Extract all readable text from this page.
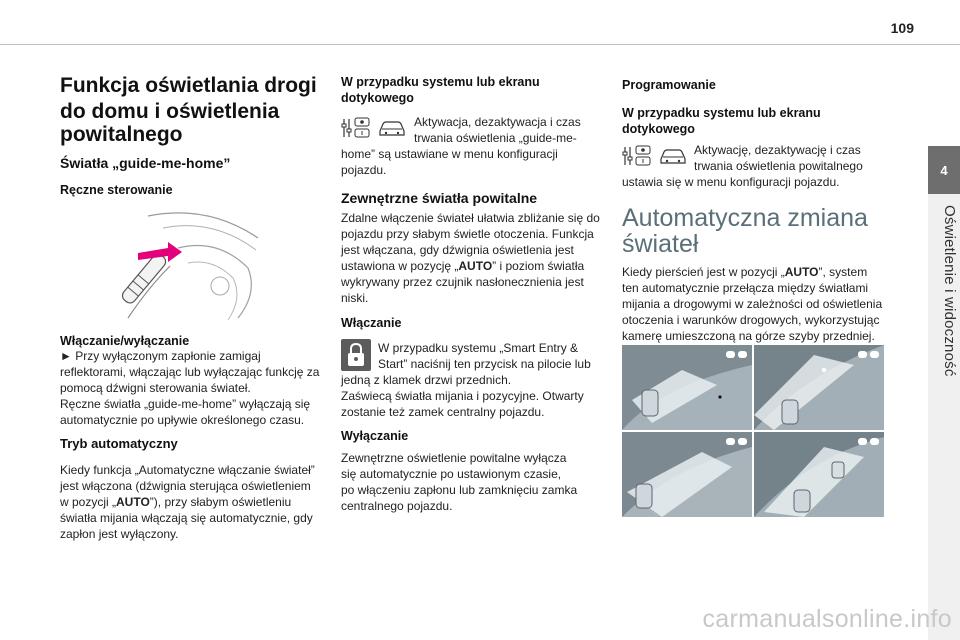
109
4
Oświetlenie i widoczność
Funkcja oświetlania drogi
do domu i oświetlenia
powitalnego
Światła „guide-me-home”
Ręczne sterowanie
Włączanie/wyłączanie
► Przy wyłączonym zapłonie zamigaj
reflektorami, włączając lub wyłączając funkcję za
pomocą dźwigni sterowania świateł.
Ręczne światła „guide-me-home” wyłączają się
automatycznie po upływie określonego czasu.
Tryb automatyczny
Kiedy funkcja „Automatyczne włączanie świateł”
jest włączona (dźwignia sterująca oświetleniem
w pozycji „AUTO”), przy słabym oświetleniu
światła mijania włączają się automatycznie, gdy
zapłon jest wyłączony.
W przypadku systemu lub ekranu
dotykowego
Aktywacja, dezaktywacja i czas
trwania oświetlenia „guide-me-
home” są ustawiane w menu konfiguracji
pojazdu.
Zewnętrzne światła powitalne
Zdalne włączenie świateł ułatwia zbliżanie się do
pojazdu przy słabym świetle otoczenia. Funkcja
jest włączana, gdy dźwignia oświetlenia jest
ustawiona w pozycję „AUTO” i poziom światła
wykrywany przez czujnik nasłonecznienia jest
niski.
Włączanie
W przypadku systemu „Smart Entry &
Start” naciśnij ten przycisk na pilocie lub
jedną z klamek drzwi przednich.
Zaświecą światła mijania i pozycyjne. Otwarty
zostanie też zamek centralny pojazdu.
Wyłączanie
Zewnętrzne oświetlenie powitalne wyłącza
się automatycznie po ustawionym czasie,
po włączeniu zapłonu lub zamknięciu zamka
centralnego pojazdu.
Programowanie
W przypadku systemu lub ekranu
dotykowego
Aktywację, dezaktywację i czas
trwania oświetlenia powitalnego
ustawia się w menu konfiguracji pojazdu.
Automatyczna zmiana
świateł
Kiedy pierścień jest w pozycji „AUTO”, system
ten automatycznie przełącza między światłami
mijania a drogowymi w zależności od oświetlenia
otoczenia i warunków drogowych, wykorzystując
kamerę umieszczoną na górze szyby przedniej.
carmanualsonline.info
